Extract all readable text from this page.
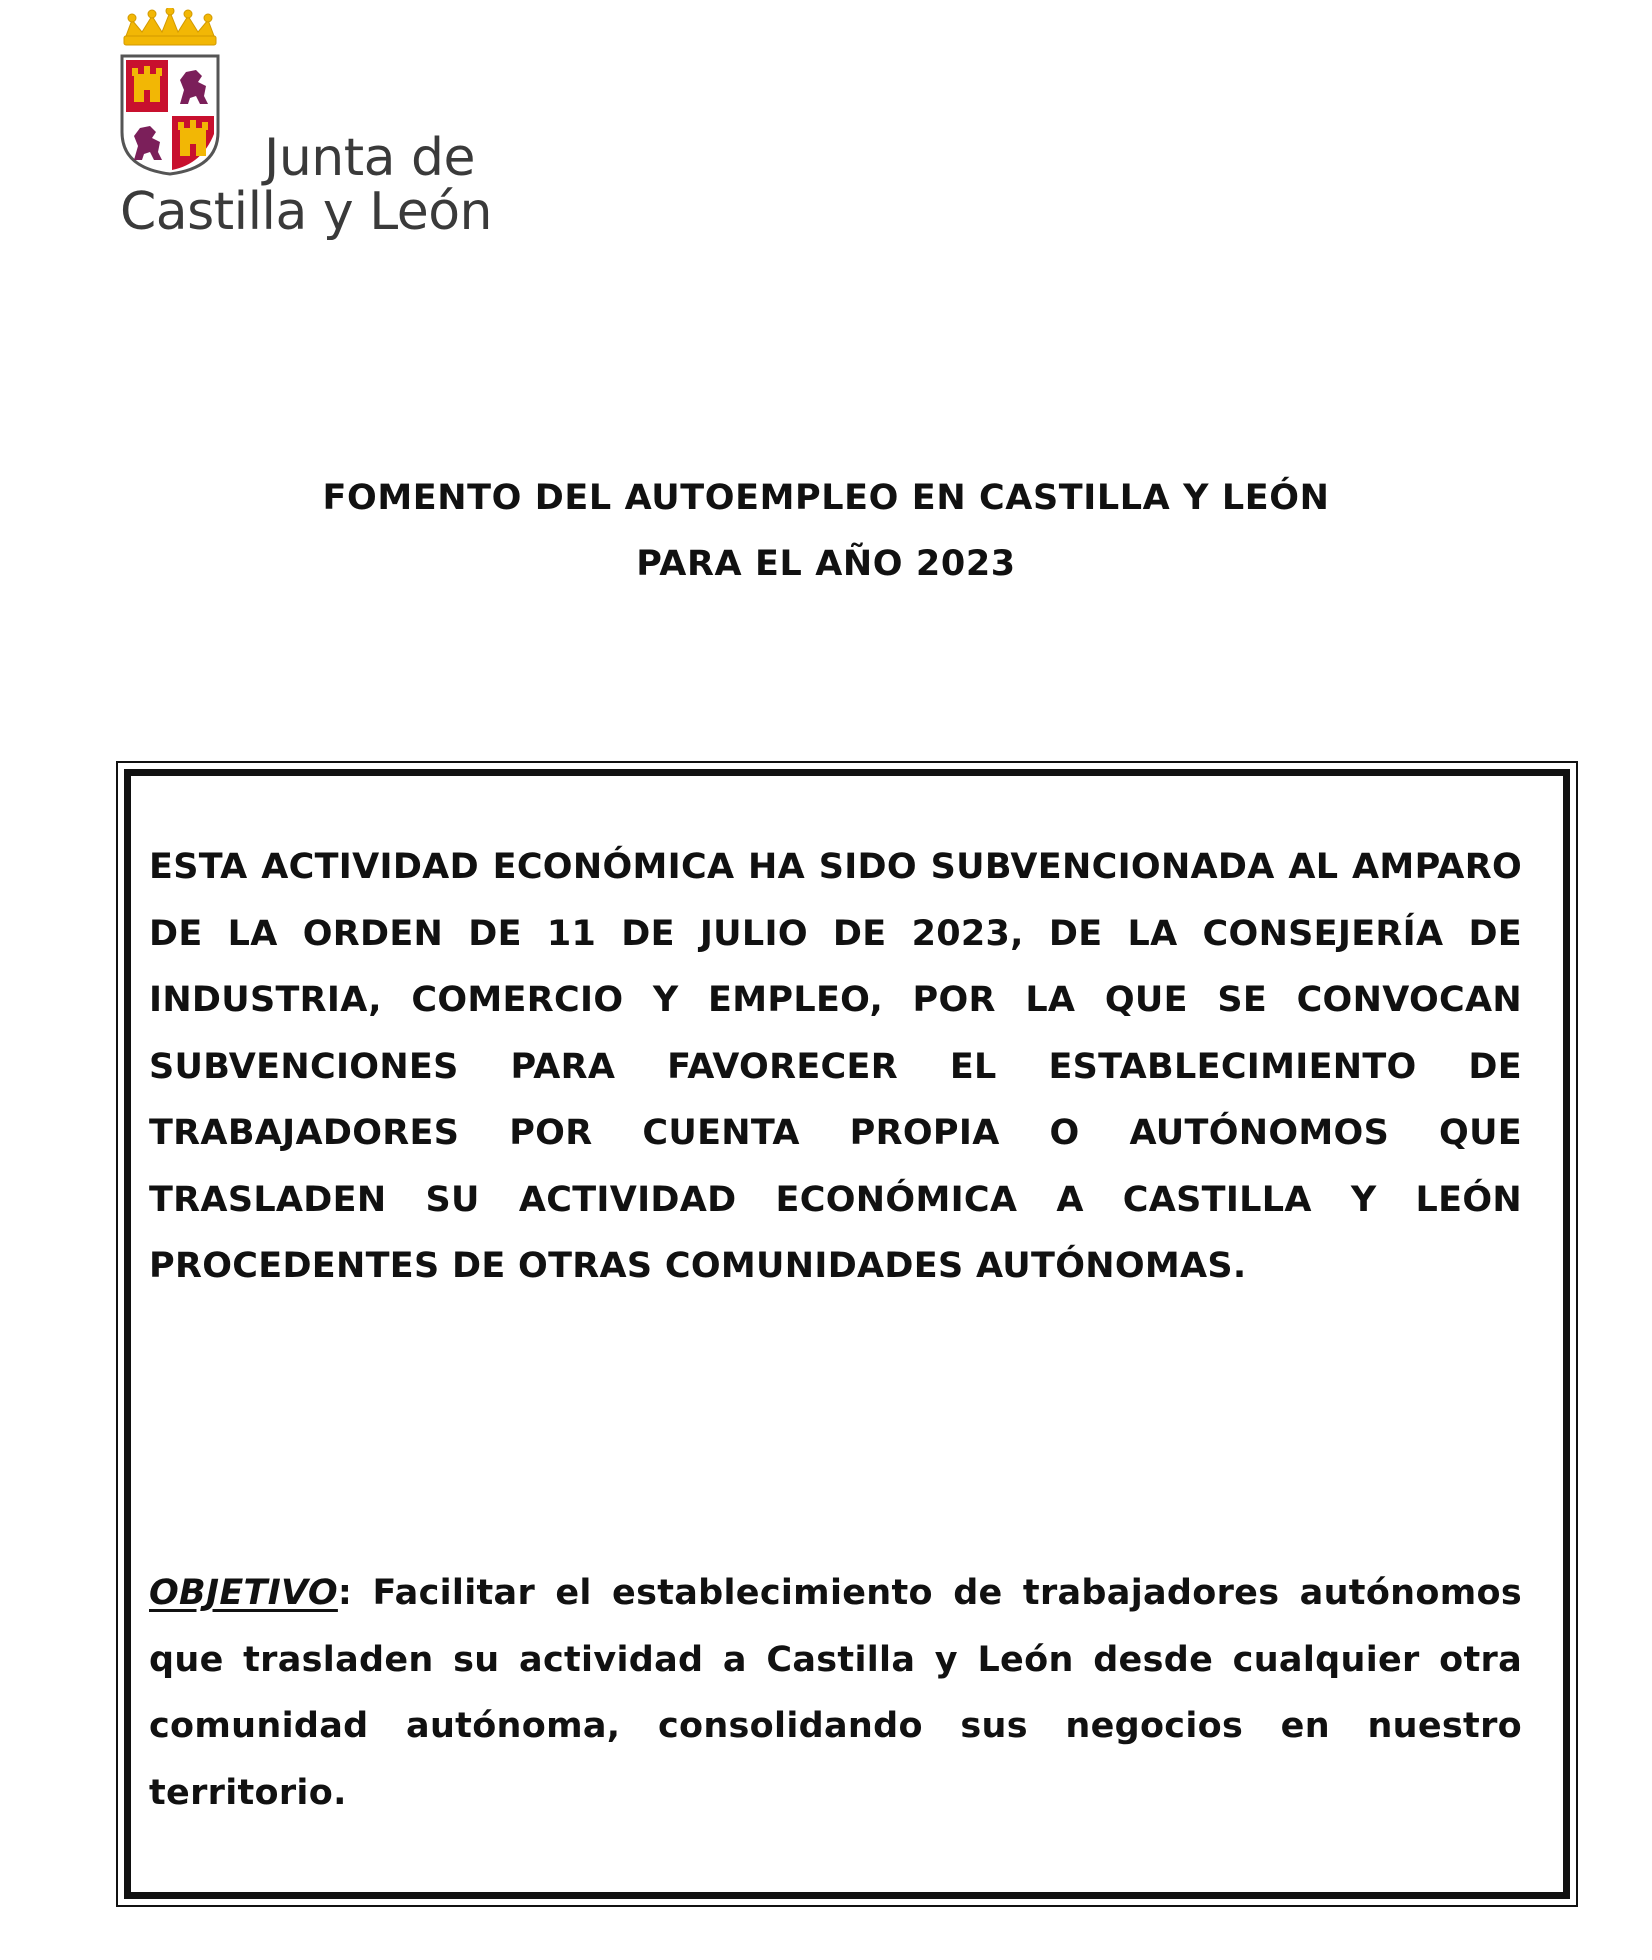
Junta de
Castilla y León
FOMENTO DEL AUTOEMPLEO EN CASTILLA Y LEÓN
PARA EL AÑO 2023
ESTA ACTIVIDAD ECONÓMICA HA SIDO SUBVENCIONADA AL AMPARO DE LA ORDEN DE 11 DE JULIO DE 2023, DE LA CONSEJERÍA DE INDUSTRIA, COMERCIO Y EMPLEO, POR LA QUE SE CONVOCAN SUBVENCIONES PARA FAVORECER EL ESTABLECIMIENTO DE TRABAJADORES POR CUENTA PROPIA O AUTÓNOMOS QUE TRASLADEN SU ACTIVIDAD ECONÓMICA A CASTILLA Y LEÓN PROCEDENTES DE OTRAS COMUNIDADES AUTÓNOMAS.
OBJETIVO: Facilitar el establecimiento de trabajadores autónomos que trasladen su actividad a Castilla y León desde cualquier otra comunidad autónoma, consolidando sus negocios en nuestro territorio.
